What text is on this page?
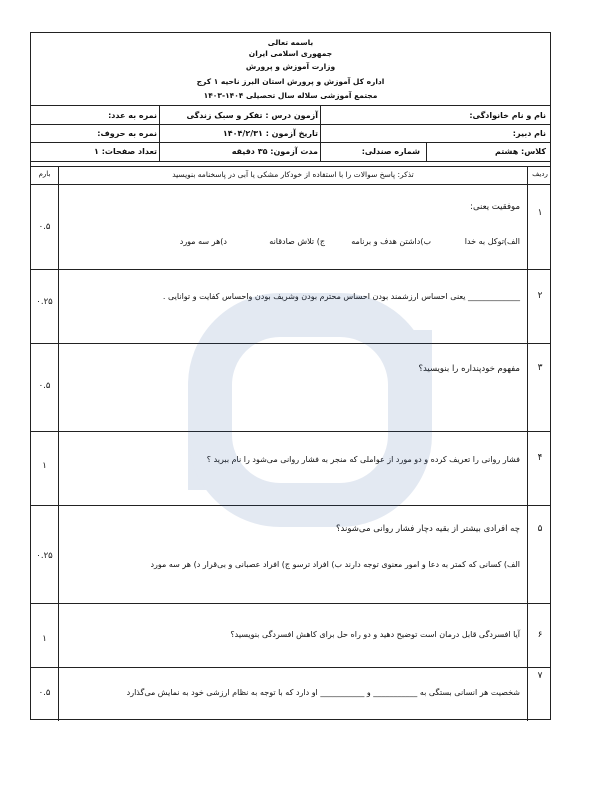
باسمه تعالی
جمهوری اسلامی ایران
وزارت آموزش و پرورش
اداره کل آموزش و پرورش استان البرز ناحیه ۱ کرج
مجتمع آموزشی سلاله سال تحصیلی ۱۴۰۴-۱۴۰۳
نمره به عدد:
نمره به حروف:
تعداد صفحات: ۱
آزمون درس : تفکر و سبک زندگی
تاریخ آزمون : ۱۴۰۴/۲/۳۱
مدت آزمون: ۳۵ دقیقه
نام و نام خانوادگی:
نام دبیر:
کلاس: هشتم
شماره صندلی:
ردیف
تذکر: پاسخ سوالات را با استفاده از خودکار مشکی یا آبی در پاسخنامه بنویسید
بارم
۱
موفقیت یعنی:
الف)توکل به خدا
ب)داشتن هدف و برنامه
ج) تلاش صادقانه
د)هر سه مورد
۰.۵
۲
_____________ یعنی احساس ارزشمند بودن احساس محترم بودن وشریف بودن واحساس کفایت و توانایی .
۰.۲۵
۳
مفهوم خودپنداره را بنویسید؟
۰.۵
۴
فشار روانی را تعریف کرده و دو مورد از عواملی که منجر به فشار روانی می‌شود را نام ببرید ؟
۱
۵
چه افرادی بیشتر از بقیه دچار فشار روانی می‌شوند؟
الف) کسانی که کمتر به دعا و امور معنوی توجه دارند ب) افراد ترسو ج) افراد عصبانی و بی‌قرار د) هر سه مورد
۰.۲۵
۶
آیا افسردگی قابل درمان است توضیح دهید و دو راه حل برای کاهش افسردگی بنویسید؟
۱
۷
شخصیت هر انسانی بستگی به ___________ و ___________ او دارد که با توجه به نظام ارزشی خود به نمایش می‌گذارد
۰.۵
